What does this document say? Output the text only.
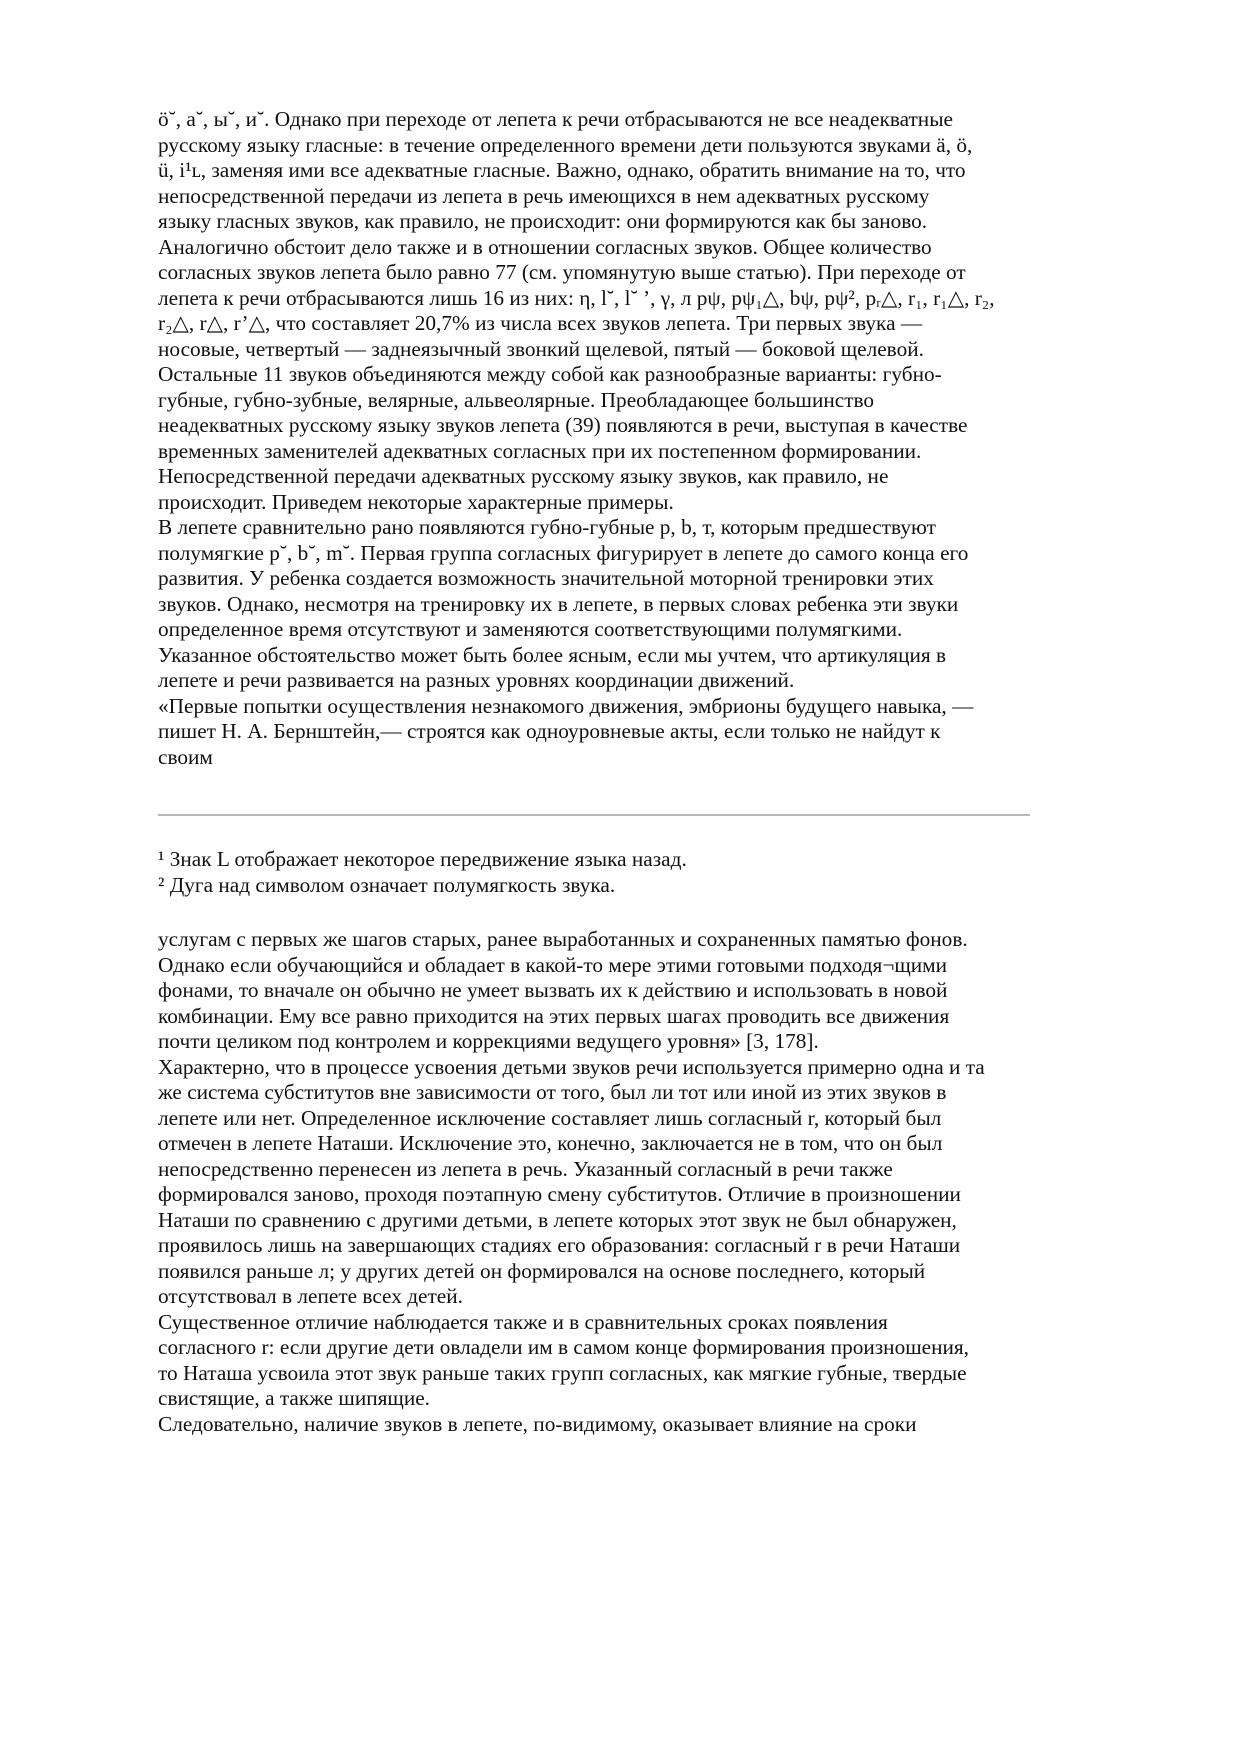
ö˘, а˘, ы˘, и˘. Однако при переходе от лепета к речи отбрасываются не все неадекватные
русскому языку гласные: в течение определенного времени дети пользуются звуками ä, ö,
ü, i¹ʟ, заменяя ими все адекватные гласные. Важно, однако, обратить внимание на то, что
непосредственной передачи из лепета в речь имеющихся в нем адекватных русскому
языку гласных звуков, как правило, не происходит: они формируются как бы заново.
Аналогично обстоит дело также и в отношении согласных звуков. Общее количество
согласных звуков лепета было равно 77 (см. упомянутую выше статью). При переходе от
лепета к речи отбрасываются лишь 16 из них: η, l˘, l˘ ’, γ, л pψ, pψ₁△, bψ, pψ², pᵣ△, r₁, r₁△, r₂,
r₂△, r△, r’△, что составляет 20,7% из числа всех звуков лепета. Три первых звука —
носовые, четвертый — заднеязычный звонкий щелевой, пятый — боковой щелевой.
Остальные 11 звуков объединяются между собой как разнообразные варианты: губно-
губные, губно-зубные, велярные, альвеолярные. Преобладающее большинство
неадекватных русскому языку звуков лепета (39) появляются в речи, выступая в качестве
временных заменителей адекватных согласных при их постепенном формировании.
Непосредственной передачи адекватных русскому языку звуков, как правило, не
происходит. Приведем некоторые характерные примеры.
В лепете сравнительно рано появляются губно-губные p, b, т, которым предшествуют
полумягкие p˘, b˘, m˘. Первая группа согласных фигурирует в лепете до самого конца его
развития. У ребенка создается возможность значительной моторной тренировки этих
звуков. Однако, несмотря на тренировку их в лепете, в первых словах ребенка эти звуки
определенное время отсутствуют и заменяются соответствующими полумягкими.
Указанное обстоятельство может быть более ясным, если мы учтем, что артикуляция в
лепете и речи развивается на разных уровнях координации движений.
«Первые попытки осуществления незнакомого движения, эмбрионы будущего навыка, —
пишет Н. А. Бернштейн,— строятся как одноуровневые акты, если только не найдут к
своим
¹ Знак L отображает некоторое передвижение языка назад.
² Дуга над символом означает полумягкость звука.
услугам с первых же шагов старых, ранее выработанных и сохраненных памятью фонов.
Однако если обучающийся и обладает в какой-то мере этими готовыми подходя¬щими
фонами, то вначале он обычно не умеет вызвать их к действию и использовать в новой
комбинации. Ему все равно приходится на этих первых шагах проводить все движения
почти целиком под контролем и коррекциями ведущего уровня» [3, 178].
Характерно, что в процессе усвоения детьми звуков речи используется примерно одна и та
же система субститутов вне зависимости от того, был ли тот или иной из этих звуков в
лепете или нет. Определенное исключение составляет лишь согласный r, который был
отмечен в лепете Наташи. Исключение это, конечно, заключается не в том, что он был
непосредственно перенесен из лепета в речь. Указанный согласный в речи также
формировался заново, проходя поэтапную смену субститутов. Отличие в произношении
Наташи по сравнению с другими детьми, в лепете которых этот звук не был обнаружен,
проявилось лишь на завершающих стадиях его образования: согласный r в речи Наташи
появился раньше л; у других детей он формировался на основе последнего, который
отсутствовал в лепете всех детей.
Существенное отличие наблюдается также и в сравнительных сроках появления
согласного r: если другие дети овладели им в самом конце формирования произношения,
то Наташа усвоила этот звук раньше таких групп согласных, как мягкие губные, твердые
свистящие, а также шипящие.
Следовательно, наличие звуков в лепете, по-видимому, оказывает влияние на сроки
